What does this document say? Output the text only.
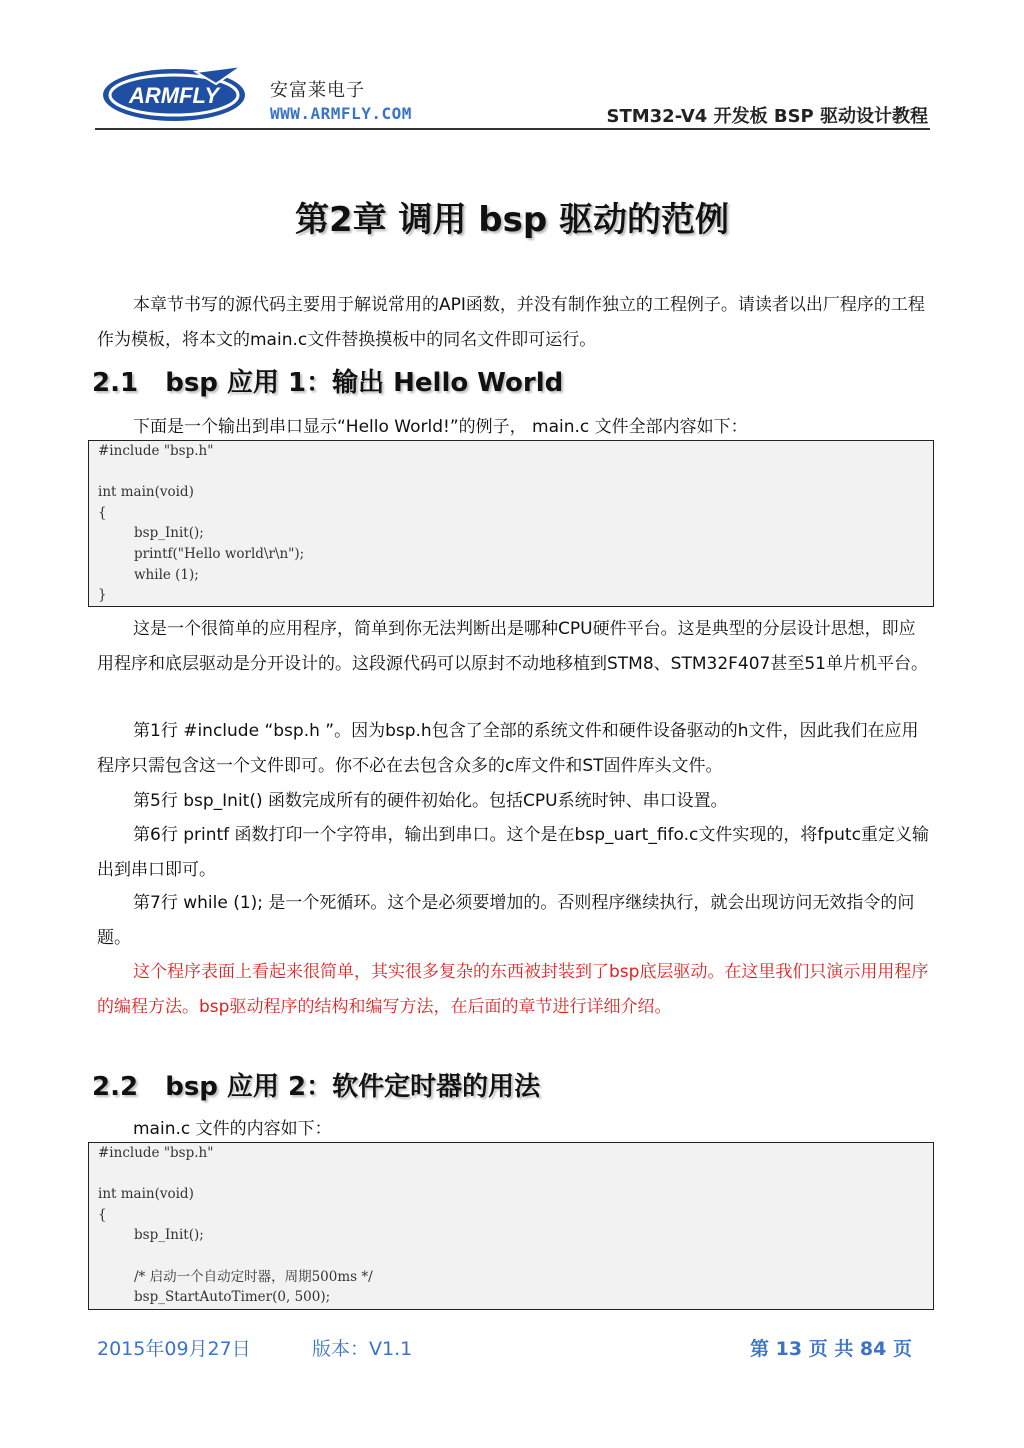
ARMFLY	安富莱电子
WWW.ARMFLY.COM	STM32-V4 开发板 BSP 驱动设计教程
第2章 调用 bsp 驱动的范例
本章节书写的源代码主要用于解说常用的API函数，并没有制作独立的工程例子。请读者以出厂程序的工程作为模板，将本文的main.c文件替换摸板中的同名文件即可运行。
2.1   bsp 应用 1：输出 Hello World
下面是一个输出到串口显示“Hello World!”的例子， main.c 文件全部内容如下：
#include "bsp.h"
int main(void)
{
bsp_Init();
printf("Hello world\r\n");
while (1);
}
这是一个很简单的应用程序，简单到你无法判断出是哪种CPU硬件平台。这是典型的分层设计思想，即应用程序和底层驱动是分开设计的。这段源代码可以原封不动地移植到STM8、STM32F407甚至51单片机平台。
第1行 #include “bsp.h ”。因为bsp.h包含了全部的系统文件和硬件设备驱动的h文件，因此我们在应用程序只需包含这一个文件即可。你不必在去包含众多的c库文件和ST固件库头文件。
第5行 bsp_Init() 函数完成所有的硬件初始化。包括CPU系统时钟、串口设置。
第6行 printf 函数打印一个字符串，输出到串口。这个是在bsp_uart_fifo.c文件实现的，将fputc重定义输出到串口即可。
第7行 while (1); 是一个死循环。这个是必须要增加的。否则程序继续执行，就会出现访问无效指令的问题。
这个程序表面上看起来很简单，其实很多复杂的东西被封装到了bsp底层驱动。在这里我们只演示用用程序的编程方法。bsp驱动程序的结构和编写方法，在后面的章节进行详细介绍。
2.2   bsp 应用 2：软件定时器的用法
main.c 文件的内容如下：
#include "bsp.h"
int main(void)
{
bsp_Init();
/* 启动一个自动定时器，周期500ms */
bsp_StartAutoTimer(0, 500);
2015年09月27日	版本：V1.1	第 13 页 共 84 页
